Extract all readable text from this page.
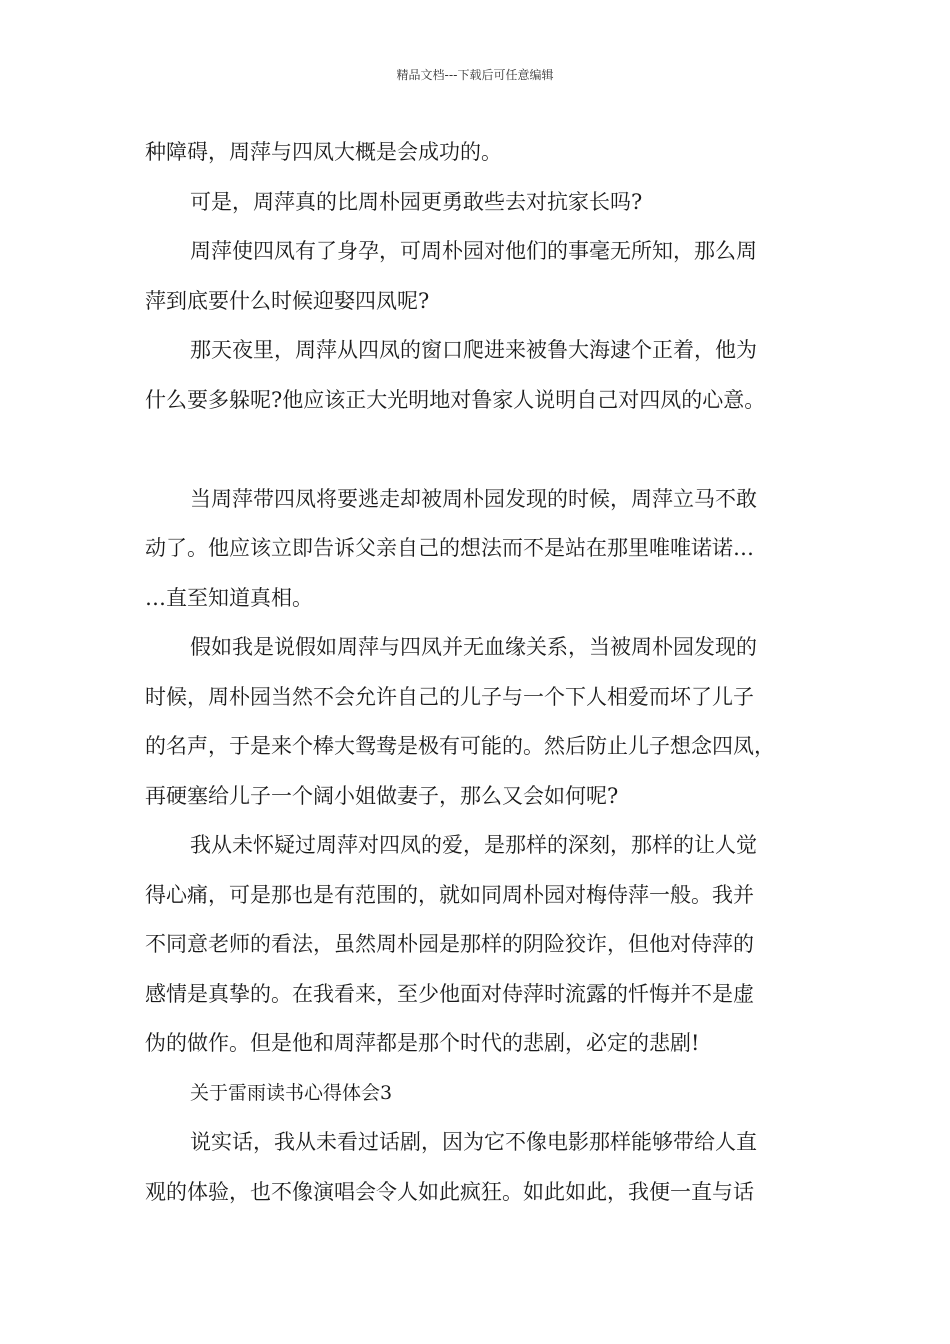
精品文档---下载后可任意编辑

种障碍，周萍与四凤大概是会成功的。

可是，周萍真的比周朴园更勇敢些去对抗家长吗?

周萍使四凤有了身孕，可周朴园对他们的事毫无所知，那么周

萍到底要什么时候迎娶四凤呢?

那天夜里，周萍从四凤的窗口爬进来被鲁大海逮个正着，他为

什么要多躲呢?他应该正大光明地对鲁家人说明自己对四凤的心意。

当周萍带四凤将要逃走却被周朴园发现的时候，周萍立马不敢

动了。他应该立即告诉父亲自己的想法而不是站在那里唯唯诺诺…

…直至知道真相。

假如我是说假如周萍与四凤并无血缘关系，当被周朴园发现的

时候，周朴园当然不会允许自己的儿子与一个下人相爱而坏了儿子

的名声，于是来个棒大鸳鸯是极有可能的。然后防止儿子想念四凤，

再硬塞给儿子一个阔小姐做妻子，那么又会如何呢?

我从未怀疑过周萍对四凤的爱，是那样的深刻，那样的让人觉

得心痛，可是那也是有范围的，就如同周朴园对梅侍萍一般。我并

不同意老师的看法，虽然周朴园是那样的阴险狡诈，但他对侍萍的

感情是真挚的。在我看来，至少他面对侍萍时流露的忏悔并不是虚

伪的做作。但是他和周萍都是那个时代的悲剧，必定的悲剧!

关于雷雨读书心得体会3

说实话，我从未看过话剧，因为它不像电影那样能够带给人直

观的体验，也不像演唱会令人如此疯狂。如此如此，我便一直与话
